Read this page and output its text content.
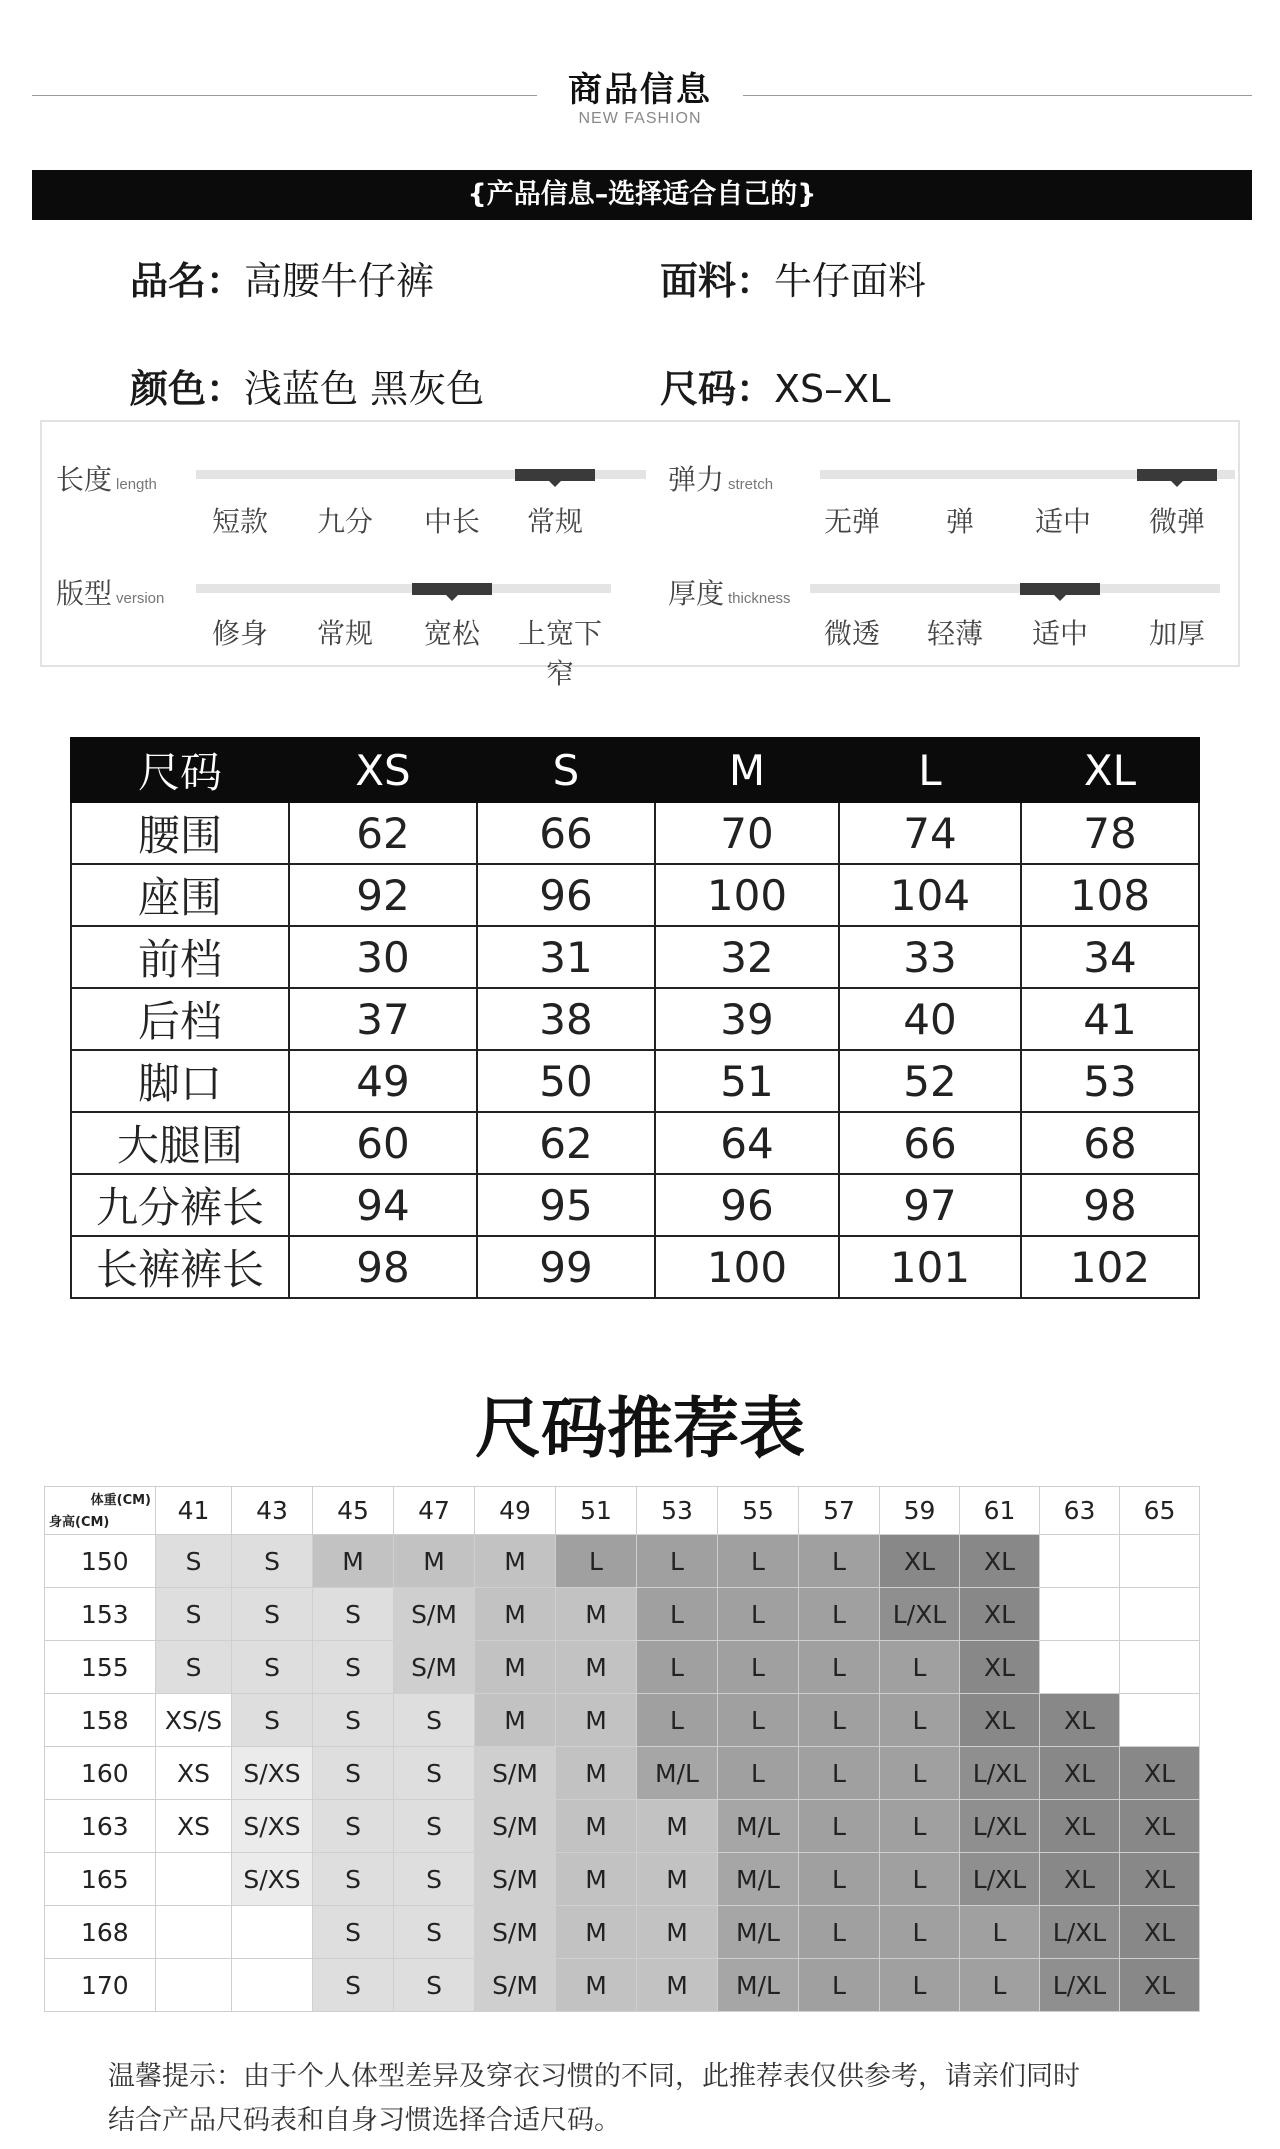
商品信息
NEW FASHION
{产品信息–选择适合自己的}
品名：高腰牛仔裤	面料：牛仔面料
颜色：浅蓝色 黑灰色	尺码：XS–XL
长度 length
短款	九分	中长	常规
弹力 stretch
无弹	弹	适中	微弹
版型 version
修身	常规	宽松	上宽下窄
厚度 thickness
微透	轻薄	适中	加厚
尺码	XS	S	M	L	XL
腰围	62	66	70	74	78
座围	92	96	100	104	108
前档	30	31	32	33	34
后档	37	38	39	40	41
脚口	49	50	51	52	53
大腿围	60	62	64	66	68
九分裤长	94	95	96	97	98
长裤裤长	98	99	100	101	102
尺码推荐表
体重(CM)
身高(CM)	41	43	45	47	49	51	53	55	57	59	61	63	65
150	S	S	M	M	M	L	L	L	L	XL	XL		
153	S	S	S	S/M	M	M	L	L	L	L/XL	XL		
155	S	S	S	S/M	M	M	L	L	L	L	XL		
158	XS/S	S	S	S	M	M	L	L	L	L	XL	XL	
160	XS	S/XS	S	S	S/M	M	M/L	L	L	L	L/XL	XL	XL
163	XS	S/XS	S	S	S/M	M	M	M/L	L	L	L/XL	XL	XL
165		S/XS	S	S	S/M	M	M	M/L	L	L	L/XL	XL	XL
168			S	S	S/M	M	M	M/L	L	L	L	L/XL	XL
170			S	S	S/M	M	M	M/L	L	L	L	L/XL	XL
温馨提示：由于个人体型差异及穿衣习惯的不同，此推荐表仅供参考，请亲们同时
结合产品尺码表和自身习惯选择合适尺码。
